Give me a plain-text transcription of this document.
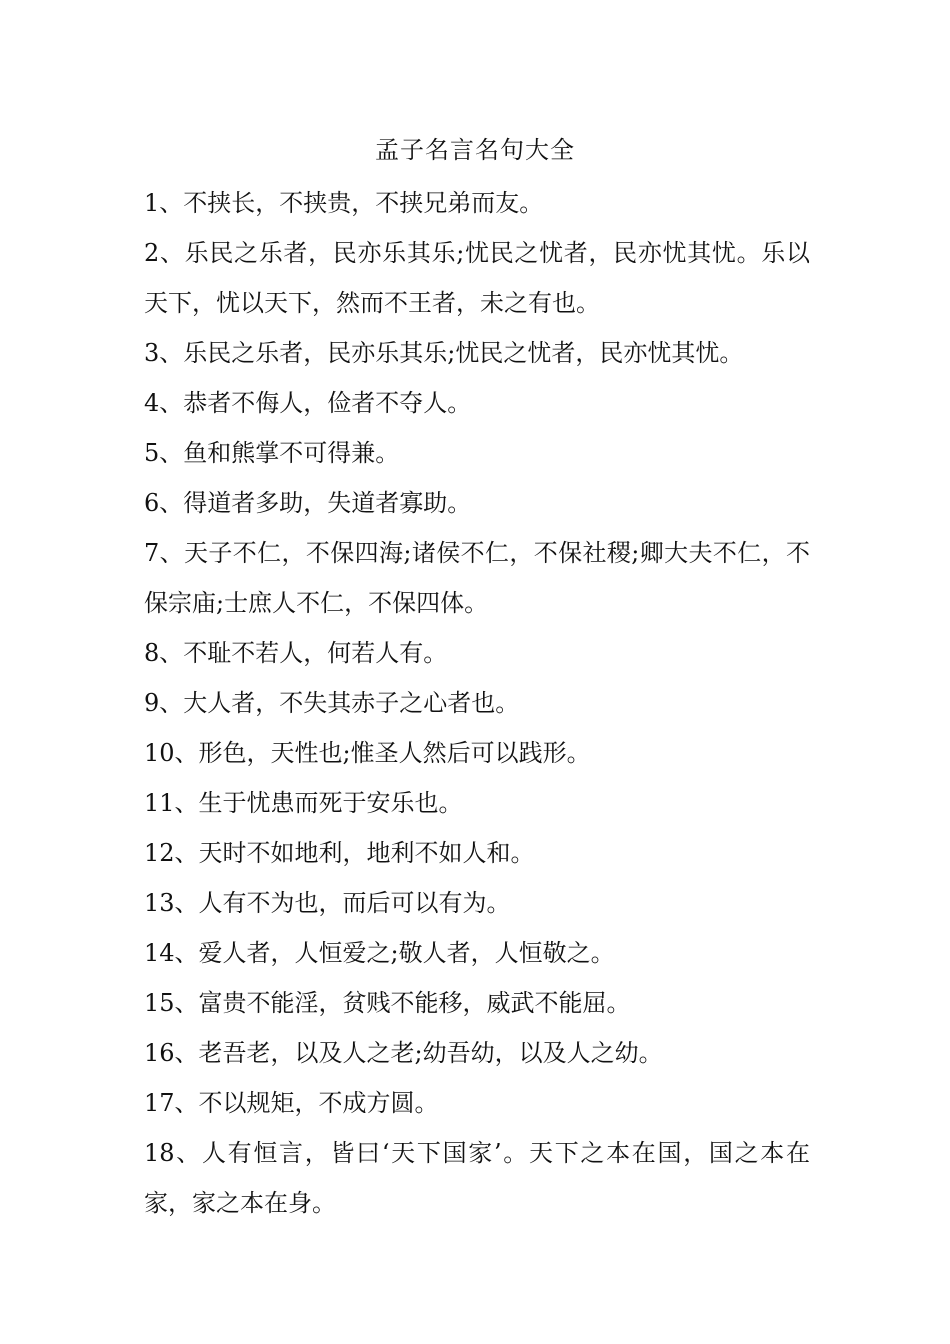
孟子名言名句大全

1、不挟长，不挟贵，不挟兄弟而友。

2、乐民之乐者，民亦乐其乐;忧民之忧者，民亦忧其忧。乐以天下，忧以天下，然而不王者，未之有也。

3、乐民之乐者，民亦乐其乐;忧民之忧者，民亦忧其忧。

4、恭者不侮人，俭者不夺人。

5、鱼和熊掌不可得兼。

6、得道者多助，失道者寡助。

7、天子不仁，不保四海;诸侯不仁，不保社稷;卿大夫不仁，不保宗庙;士庶人不仁，不保四体。

8、不耻不若人，何若人有。

9、大人者，不失其赤子之心者也。

10、形色，天性也;惟圣人然后可以践形。

11、生于忧患而死于安乐也。

12、天时不如地利，地利不如人和。

13、人有不为也，而后可以有为。

14、爱人者，人恒爱之;敬人者，人恒敬之。

15、富贵不能淫，贫贱不能移，威武不能屈。

16、老吾老，以及人之老;幼吾幼，以及人之幼。

17、不以规矩，不成方圆。

18、人有恒言，皆曰‘天下国家’。天下之本在国，国之本在家，家之本在身。
